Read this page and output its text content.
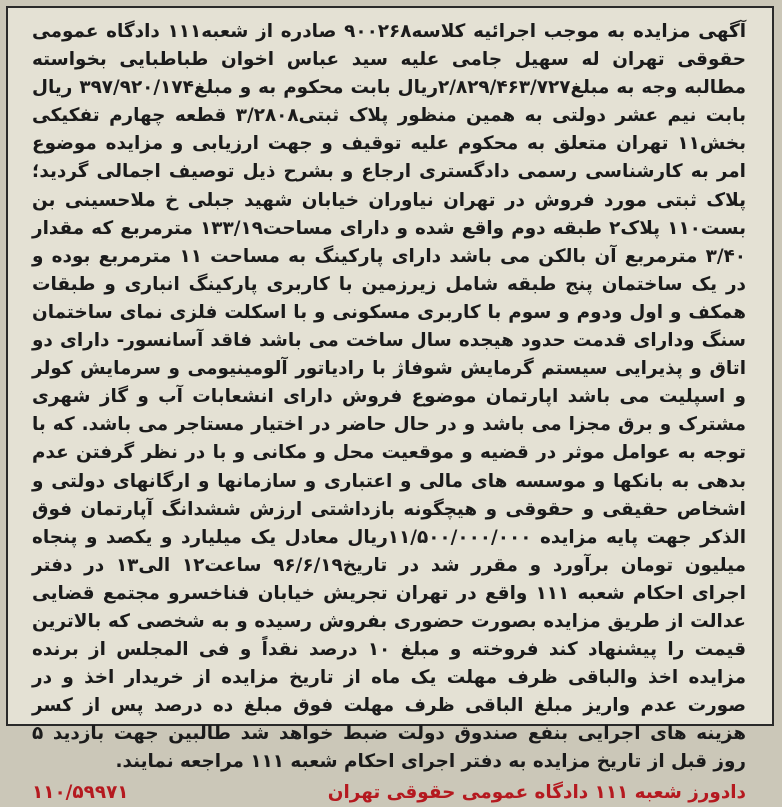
آگهی مزایده به موجب اجرائیه کلاسه۹۰۰۲۶۸ صادره از شعبه۱۱۱ دادگاه عمومی حقوقی تهران له سهیل جامی علیه سید عباس اخوان طباطبایی بخواسته مطالبه وجه به مبلغ۲/۸۲۹/۴۶۳/۷۲۷ریال بابت محکوم به و مبلغ۳۹۷/۹۲۰/۱۷۴ ریال بابت نیم عشر دولتی به همین منظور پلاک ثبتی۳/۲۸۰۸ قطعه چهارم تفکیکی بخش۱۱ تهران متعلق به محکوم علیه توقیف و جهت ارزیابی و مزایده موضوع امر به کارشناسی رسمی دادگستری ارجاع و بشرح ذیل توصیف اجمالی گردید؛ پلاک ثبتی مورد فروش در تهران نیاوران خیابان شهید جبلی خ ملاحسینی بن بست۱۱۰ پلاک۲ طبقه دوم واقع شده و دارای مساحت۱۳۳/۱۹ مترمربع که مقدار ۳/۴۰ مترمربع آن بالکن می باشد دارای پارکینگ به مساحت ۱۱ مترمربع بوده و در یک ساختمان پنج طبقه شامل زیرزمین با کاربری پارکینگ انباری و طبقات همکف و اول ودوم و سوم با کاربری مسکونی و با اسکلت فلزی نمای ساختمان سنگ ودارای قدمت حدود هیجده سال ساخت می باشد فاقد آسانسور- دارای دو اتاق و پذیرایی سیستم گرمایش شوفاژ با رادیاتور آلومینیومی و سرمایش کولر و اسپلیت می باشد اپارتمان موضوع فروش دارای انشعابات آب و گاز شهری مشترک و برق مجزا می باشد و در حال حاضر در اختیار مستاجر می باشد. که با توجه به عوامل موثر در قضیه و موقعیت محل و مکانی و با در نظر گرفتن عدم بدهی به بانکها و موسسه های مالی و اعتباری و سازمانها و ارگانهای دولتی و اشخاص حقیقی و حقوقی و هیچگونه بازداشتی ارزش ششدانگ آپارتمان فوق الذکر جهت پایه مزایده ۱۱/۵۰۰/۰۰۰/۰۰۰ریال معادل یک میلیارد و یکصد و پنجاه میلیون تومان برآورد و مقرر شد در تاریخ۹۶/۶/۱۹ ساعت۱۲ الی۱۳ در دفتر اجرای احکام شعبه ۱۱۱ واقع در تهران تجریش خیابان فناخسرو مجتمع قضایی عدالت از طریق مزایده بصورت حضوری بفروش رسیده و به شخصی که بالاترین قیمت را پیشنهاد کند فروخته و مبلغ ۱۰ درصد نقداً و فی المجلس از برنده مزایده اخذ والباقی ظرف مهلت یک ماه از تاریخ مزایده از خریدار اخذ و در صورت عدم واریز مبلغ الباقی ظرف مهلت فوق مبلغ ده درصد پس از کسر هزینه های اجرایی بنفع صندوق دولت ضبط خواهد شد طالبین جهت بازدید ۵ روز قبل از تاریخ مزایده به دفتر اجرای احکام شعبه ۱۱۱ مراجعه نمایند.

دادورز شعبه ۱۱۱ دادگاه عمومی حقوقی تهران
۱۱۰/۵۹۹۷۱
